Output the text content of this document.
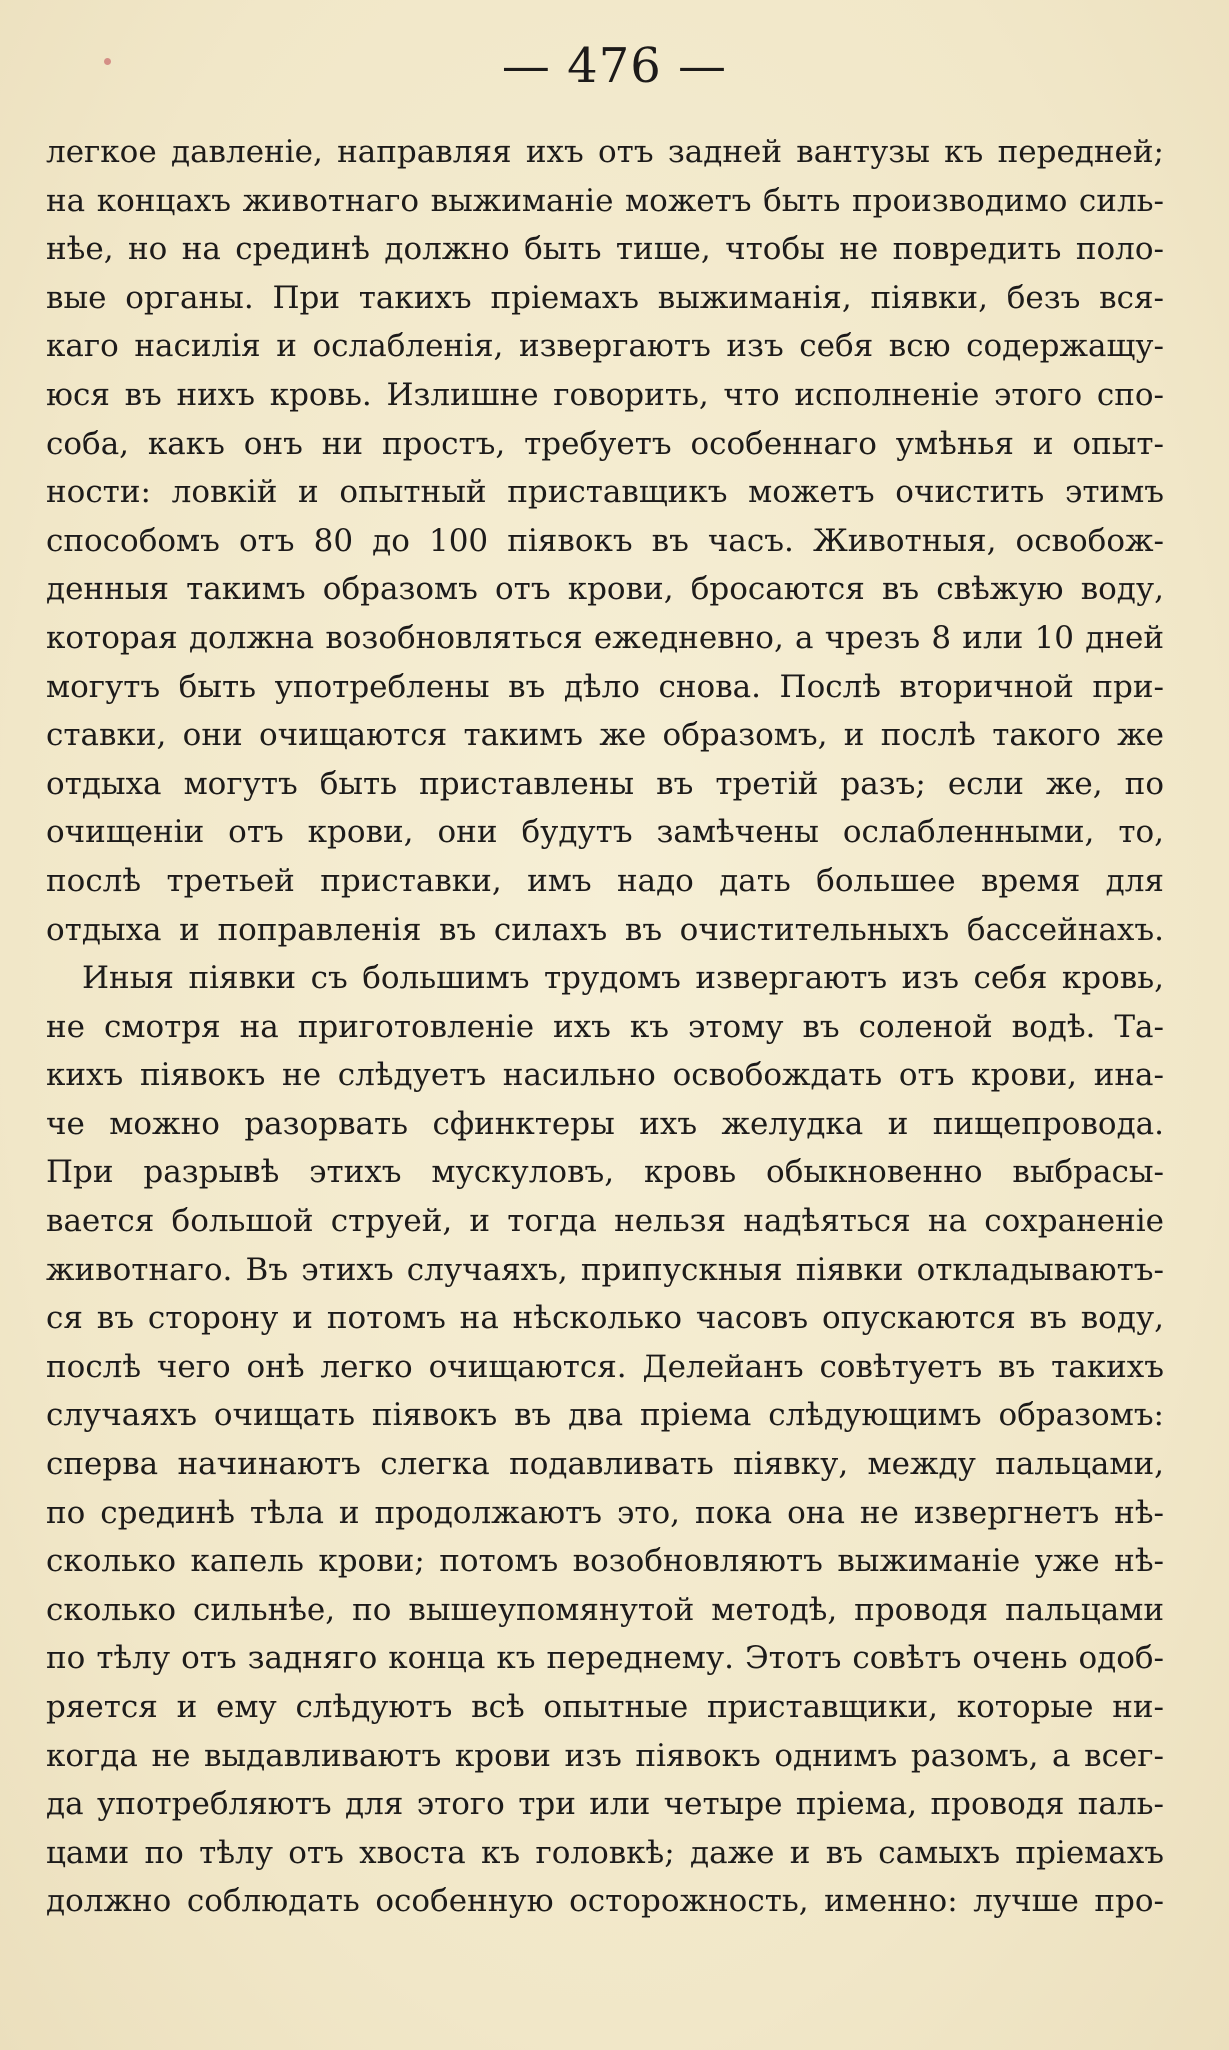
— 476 —
легкое давленіе, направляя ихъ отъ задней вантузы къ передней;
на концахъ животнаго выжиманіе можетъ быть производимо силь-
нѣе, но на срединѣ должно быть тише, чтобы не повредить поло-
вые органы. При такихъ пріемахъ выжиманія, піявки, безъ вся-
каго насилія и ослабленія, извергаютъ изъ себя всю содержащу-
юся въ нихъ кровь. Излишне говорить, что исполненіе этого спо-
соба, какъ онъ ни простъ, требуетъ особеннаго умѣнья и опыт-
ности: ловкій и опытный приставщикъ можетъ очистить этимъ
способомъ отъ 80 до 100 піявокъ въ часъ. Животныя, освобож-
денныя такимъ образомъ отъ крови, бросаются въ свѣжую воду,
которая должна возобновляться ежедневно, а чрезъ 8 или 10 дней
могутъ быть употреблены въ дѣло снова. Послѣ вторичной при-
ставки, они очищаются такимъ же образомъ, и послѣ такого же
отдыха могутъ быть приставлены въ третій разъ; если же, по
очищеніи отъ крови, они будутъ замѣчены ослабленными, то,
послѣ третьей приставки, имъ надо дать большее время для
отдыха и поправленія въ силахъ въ очистительныхъ бассейнахъ.
Иныя піявки съ большимъ трудомъ извергаютъ изъ себя кровь,
не смотря на приготовленіе ихъ къ этому въ соленой водѣ. Та-
кихъ піявокъ не слѣдуетъ насильно освобождать отъ крови, ина-
че можно разорвать сфинктеры ихъ желудка и пищепровода.
При разрывѣ этихъ мускуловъ, кровь обыкновенно выбрасы-
вается большой струей, и тогда нельзя надѣяться на сохраненіе
животнаго. Въ этихъ случаяхъ, припускныя піявки откладываютъ-
ся въ сторону и потомъ на нѣсколько часовъ опускаются въ воду,
послѣ чего онѣ легко очищаются. Делейанъ совѣтуетъ въ такихъ
случаяхъ очищать піявокъ въ два пріема слѣдующимъ образомъ:
сперва начинаютъ слегка подавливать піявку, между пальцами,
по срединѣ тѣла и продолжаютъ это, пока она не извергнетъ нѣ-
сколько капель крови; потомъ возобновляютъ выжиманіе уже нѣ-
сколько сильнѣе, по вышеупомянутой методѣ, проводя пальцами
по тѣлу отъ задняго конца къ переднему. Этотъ совѣтъ очень одоб-
ряется и ему слѣдуютъ всѣ опытные приставщики, которые ни-
когда не выдавливаютъ крови изъ піявокъ однимъ разомъ, а всег-
да употребляютъ для этого три или четыре пріема, проводя паль-
цами по тѣлу отъ хвоста къ головкѣ; даже и въ самыхъ пріемахъ
должно соблюдать особенную осторожность, именно: лучше про-
